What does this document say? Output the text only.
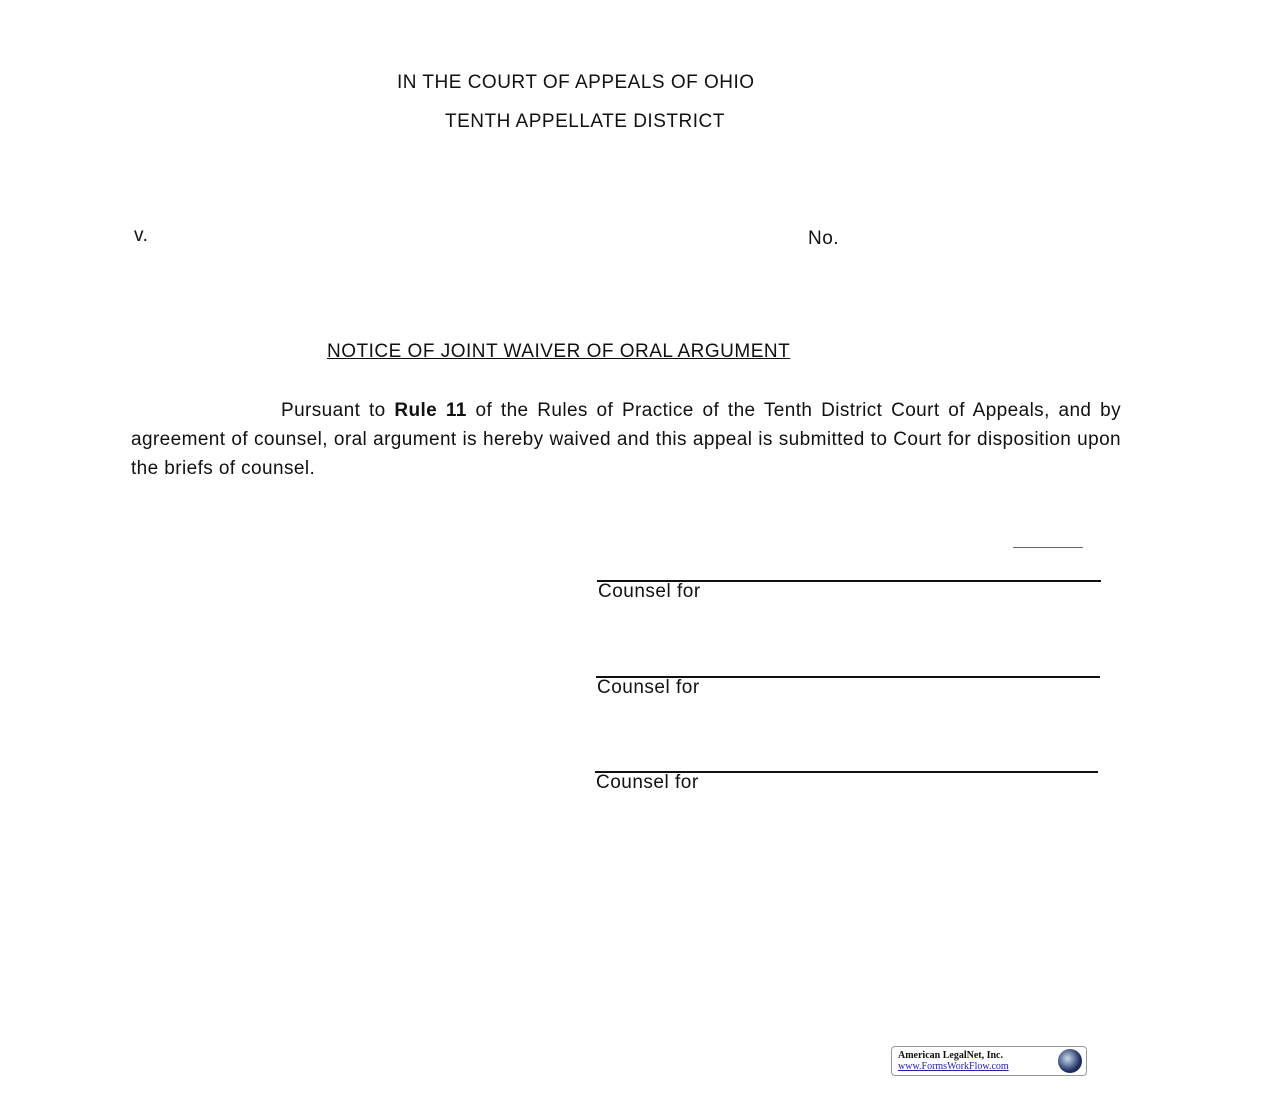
IN THE COURT OF APPEALS OF OHIO
TENTH APPELLATE DISTRICT
v.	No.
NOTICE OF JOINT WAIVER OF ORAL ARGUMENT
Pursuant to Rule 11 of the Rules of Practice of the Tenth District Court of Appeals, and by agreement of counsel, oral argument is hereby waived and this appeal is submitted to Court for disposition upon the briefs of counsel.
Counsel for
Counsel for
Counsel for
American LegalNet, Inc.
www.FormsWorkFlow.com
